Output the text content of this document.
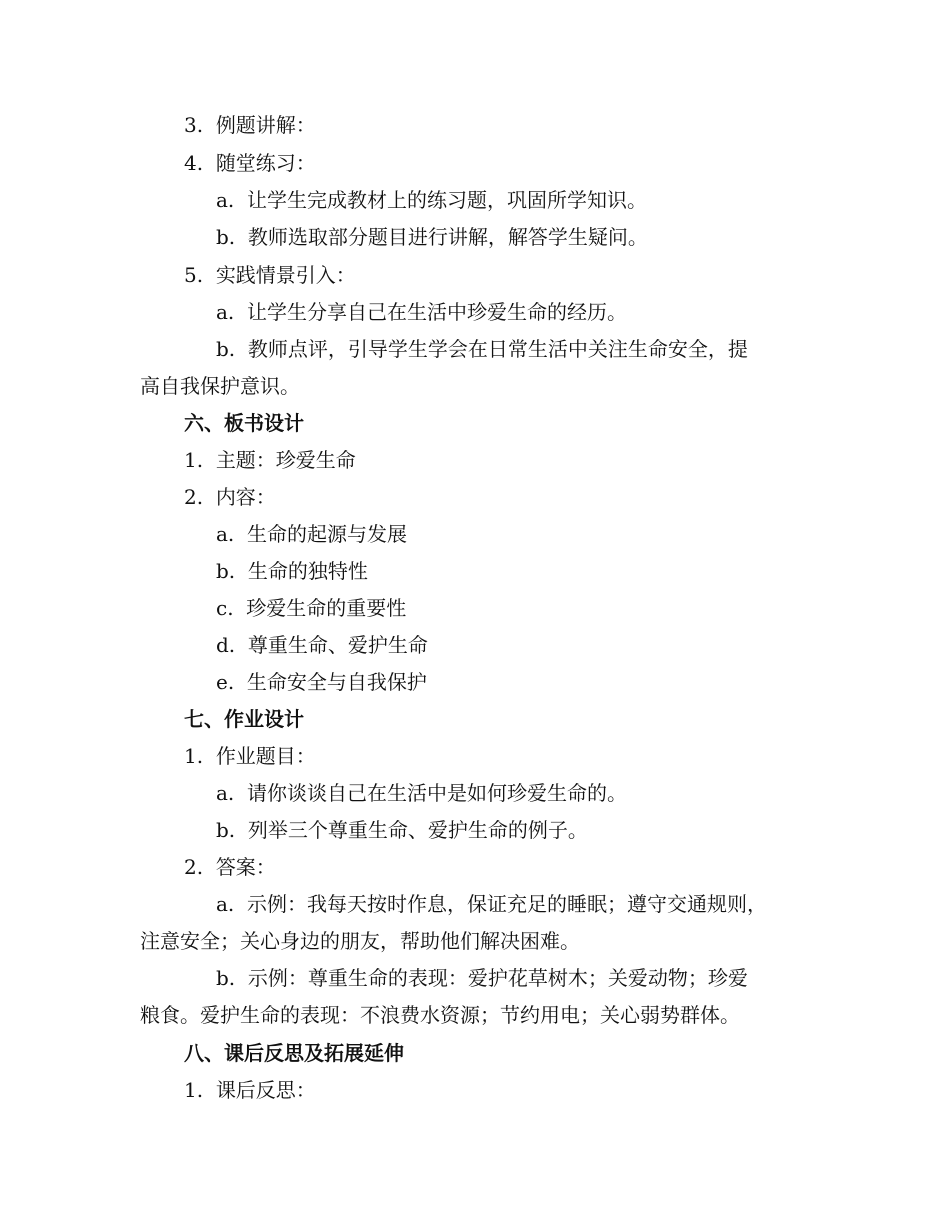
3. 例题讲解：
4. 随堂练习：
a. 让学生完成教材上的练习题，巩固所学知识。
b. 教师选取部分题目进行讲解，解答学生疑问。
5. 实践情景引入：
a. 让学生分享自己在生活中珍爱生命的经历。
b. 教师点评，引导学生学会在日常生活中关注生命安全，提
高自我保护意识。
六、板书设计
1. 主题：珍爱生命
2. 内容：
a. 生命的起源与发展
b. 生命的独特性
c. 珍爱生命的重要性
d. 尊重生命、爱护生命
e. 生命安全与自我保护
七、作业设计
1. 作业题目：
a. 请你谈谈自己在生活中是如何珍爱生命的。
b. 列举三个尊重生命、爱护生命的例子。
2. 答案：
a. 示例：我每天按时作息，保证充足的睡眠；遵守交通规则，
注意安全；关心身边的朋友，帮助他们解决困难。
b. 示例：尊重生命的表现：爱护花草树木；关爱动物；珍爱
粮食。爱护生命的表现：不浪费水资源；节约用电；关心弱势群体。
八、课后反思及拓展延伸
1. 课后反思：
